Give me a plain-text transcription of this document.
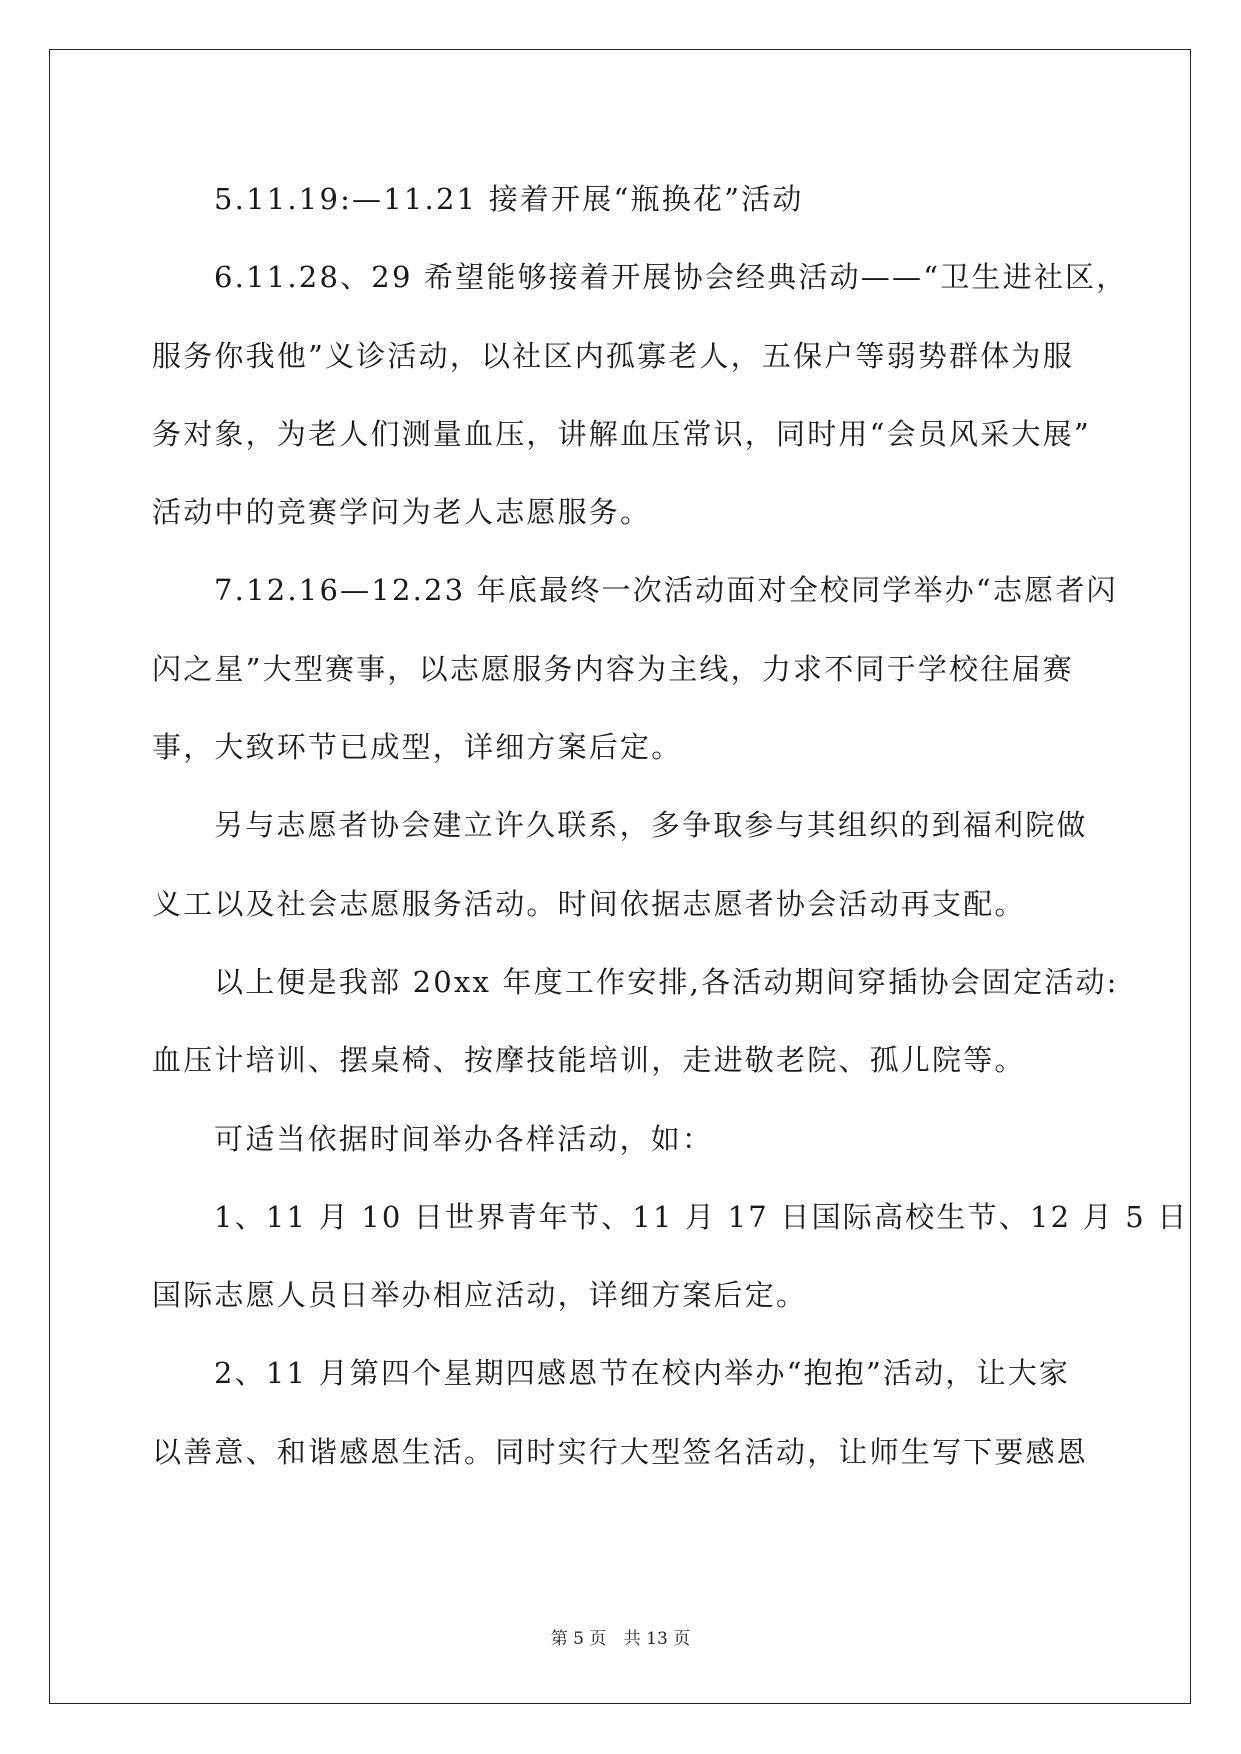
5.11.19:—11.21 接着开展“瓶换花”活动
6.11.28、29 希望能够接着开展协会经典活动——“卫生进社区，
服务你我他”义诊活动，以社区内孤寡老人，五保户等弱势群体为服
务对象，为老人们测量血压，讲解血压常识，同时用“会员风采大展”
活动中的竞赛学问为老人志愿服务。
7.12.16—12.23 年底最终一次活动面对全校同学举办“志愿者闪
闪之星”大型赛事，以志愿服务内容为主线，力求不同于学校往届赛
事，大致环节已成型，详细方案后定。
另与志愿者协会建立许久联系，多争取参与其组织的到福利院做
义工以及社会志愿服务活动。时间依据志愿者协会活动再支配。
以上便是我部 20xx 年度工作安排,各活动期间穿插协会固定活动:
血压计培训、摆桌椅、按摩技能培训，走进敬老院、孤儿院等。
可适当依据时间举办各样活动，如：
1、11 月 10 日世界青年节、11 月 17 日国际高校生节、12 月 5 日
国际志愿人员日举办相应活动，详细方案后定。
2、11 月第四个星期四感恩节在校内举办“抱抱”活动，让大家
以善意、和谐感恩生活。同时实行大型签名活动，让师生写下要感恩
第 5 页 共 13 页
